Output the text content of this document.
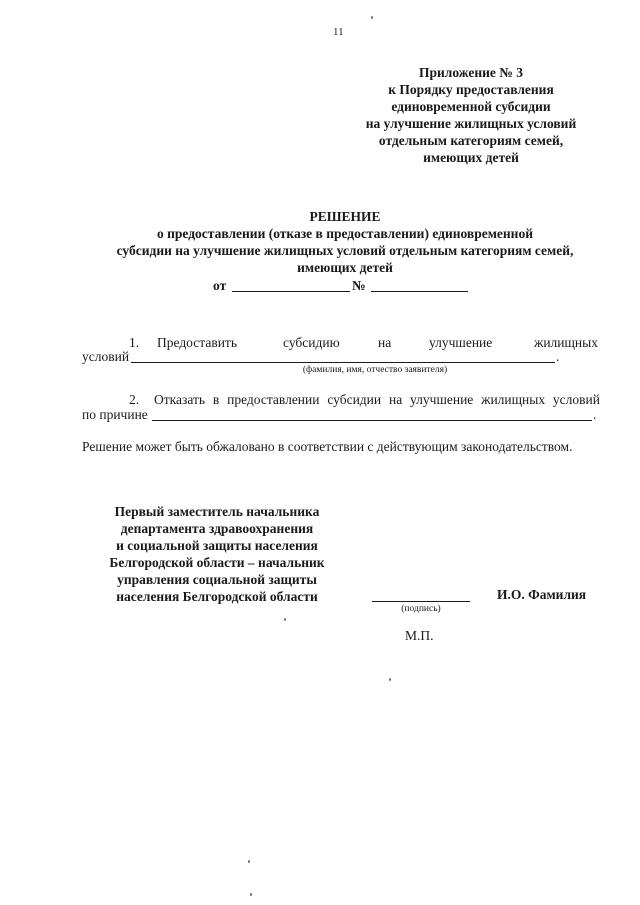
11
Приложение № 3
к Порядку предоставления
единовременной субсидии
на улучшение жилищных условий
отдельным категориям семей,
имеющих детей
РЕШЕНИЕ
о предоставлении (отказе в предоставлении) единовременной
субсидии на улучшение жилищных условий отдельным категориям семей,
имеющих детей
от	№
1. Предоставить	субсидию	на	улучшение	жилищных
условий	.
(фамилия, имя, отчество заявителя)
2. Отказать в предоставлении субсидии на улучшение жилищных условий
по причине	.
Решение может быть обжаловано в соответствии с действующим законодательством.
Первый заместитель начальника
департамента здравоохранения
и социальной защиты населения
Белгородской области – начальник
управления социальной защиты
населения Белгородской области
(подпись)
И.О. Фамилия
М.П.
